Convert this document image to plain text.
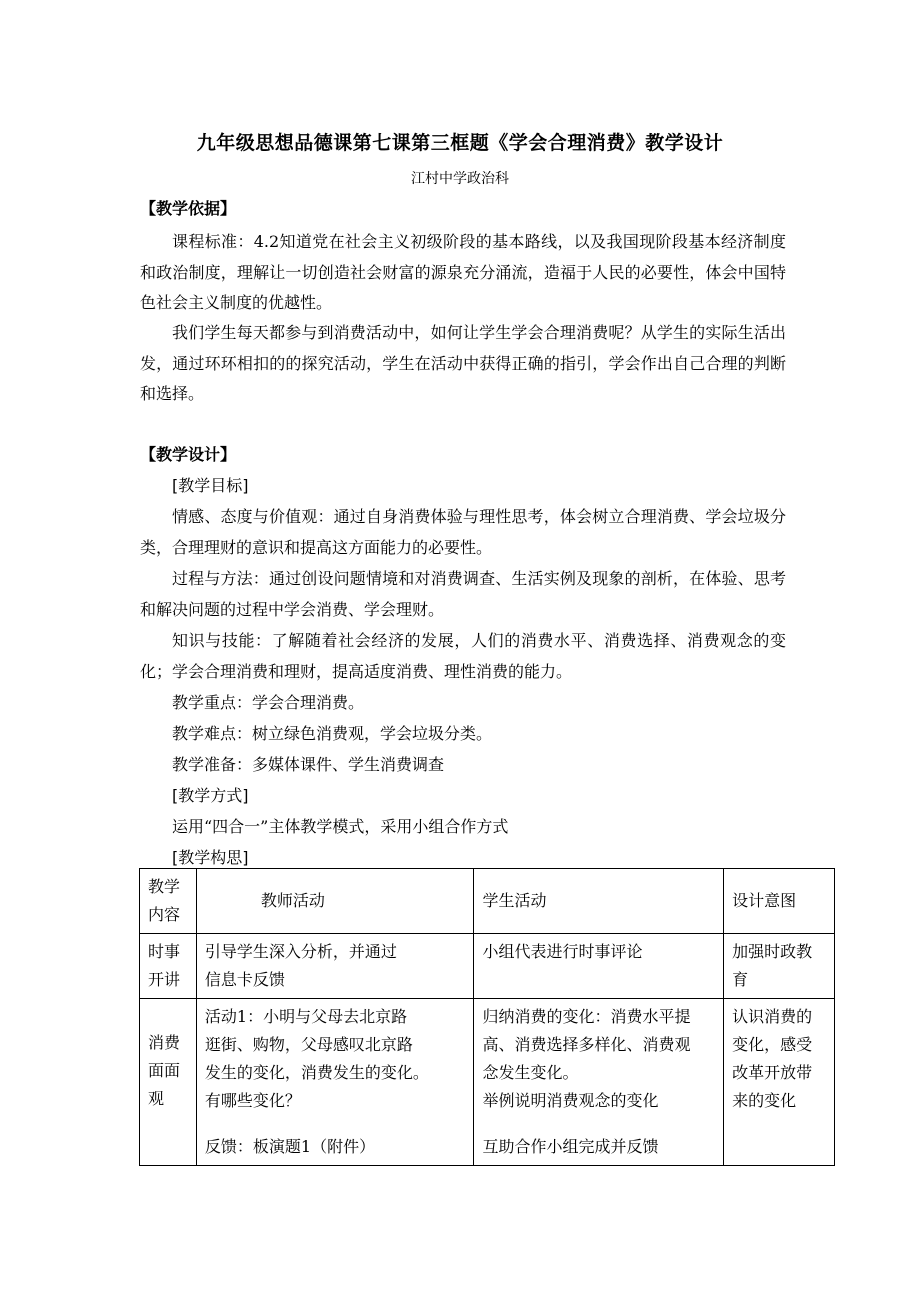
九年级思想品德课第七课第三框题《学会合理消费》教学设计
江村中学政治科
【教学依据】
课程标准：4.2知道党在社会主义初级阶段的基本路线，以及我国现阶段基本经济制度和政治制度，理解让一切创造社会财富的源泉充分涌流，造福于人民的必要性，体会中国特色社会主义制度的优越性。
我们学生每天都参与到消费活动中，如何让学生学会合理消费呢？从学生的实际生活出发，通过环环相扣的的探究活动，学生在活动中获得正确的指引，学会作出自己合理的判断和选择。
【教学设计】
[教学目标]
情感、态度与价值观：通过自身消费体验与理性思考，体会树立合理消费、学会垃圾分类，合理理财的意识和提高这方面能力的必要性。
过程与方法：通过创设问题情境和对消费调查、生活实例及现象的剖析，在体验、思考和解决问题的过程中学会消费、学会理财。
知识与技能：了解随着社会经济的发展，人们的消费水平、消费选择、消费观念的变化；学会合理消费和理财，提高适度消费、理性消费的能力。
教学重点：学会合理消费。
教学难点：树立绿色消费观，学会垃圾分类。
教学准备：多媒体课件、学生消费调查
[教学方式]
运用“四合一”主体教学模式，采用小组合作方式
[教学构思]
教学
内容	教师活动	学生活动	设计意图

时事
开讲	引导学生深入分析，并通过
信息卡反馈	小组代表进行时事评论	加强时政教
育

消费
面面
观	活动1：小明与父母去北京路
逛街、购物，父母感叹北京路
发生的变化，消费发生的变化。
有哪些变化？
反馈：板演题1（附件）	归纳消费的变化：消费水平提
高、消费选择多样化、消费观
念发生变化。
举例说明消费观念的变化
互助合作小组完成并反馈	认识消费的
变化，感受
改革开放带
来的变化
